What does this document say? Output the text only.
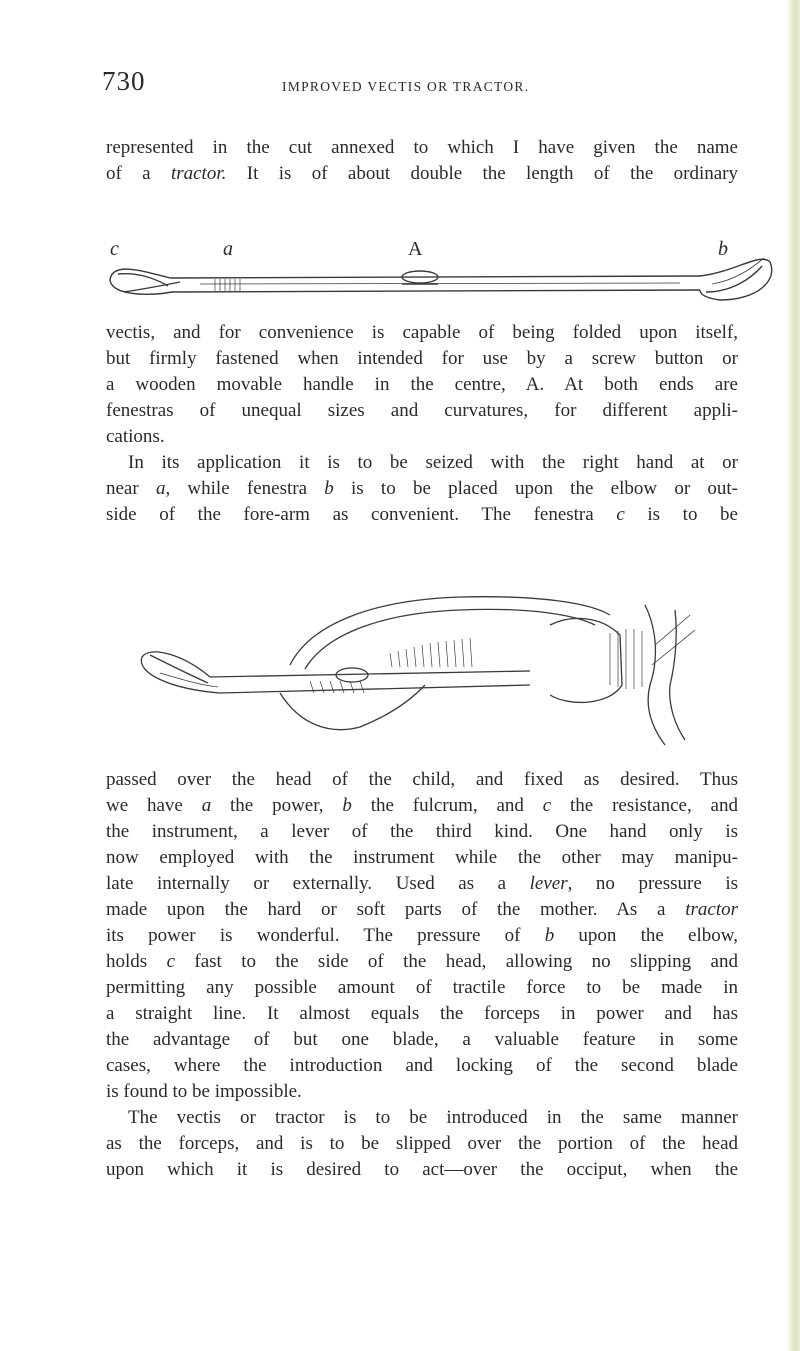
730	IMPROVED VECTIS OR TRACTOR.
represented in the cut annexed to which I have given the name
of a tractor. It is of about double the length of the ordinary
c	a	A	b
vectis, and for convenience is capable of being folded upon itself,
but firmly fastened when intended for use by a screw button or
a wooden movable handle in the centre, A. At both ends are
fenestras of unequal sizes and curvatures, for different appli-
cations.
In its application it is to be seized with the right hand at or
near a, while fenestra b is to be placed upon the elbow or out-
side of the fore-arm as convenient. The fenestra c is to be
passed over the head of the child, and fixed as desired. Thus
we have a the power, b the fulcrum, and c the resistance, and
the instrument, a lever of the third kind. One hand only is
now employed with the instrument while the other may manipu-
late internally or externally. Used as a lever, no pressure is
made upon the hard or soft parts of the mother. As a tractor
its power is wonderful. The pressure of b upon the elbow,
holds c fast to the side of the head, allowing no slipping and
permitting any possible amount of tractile force to be made in
a straight line. It almost equals the forceps in power and has
the advantage of but one blade, a valuable feature in some
cases, where the introduction and locking of the second blade
is found to be impossible.
The vectis or tractor is to be introduced in the same manner
as the forceps, and is to be slipped over the portion of the head
upon which it is desired to act—over the occiput, when the
